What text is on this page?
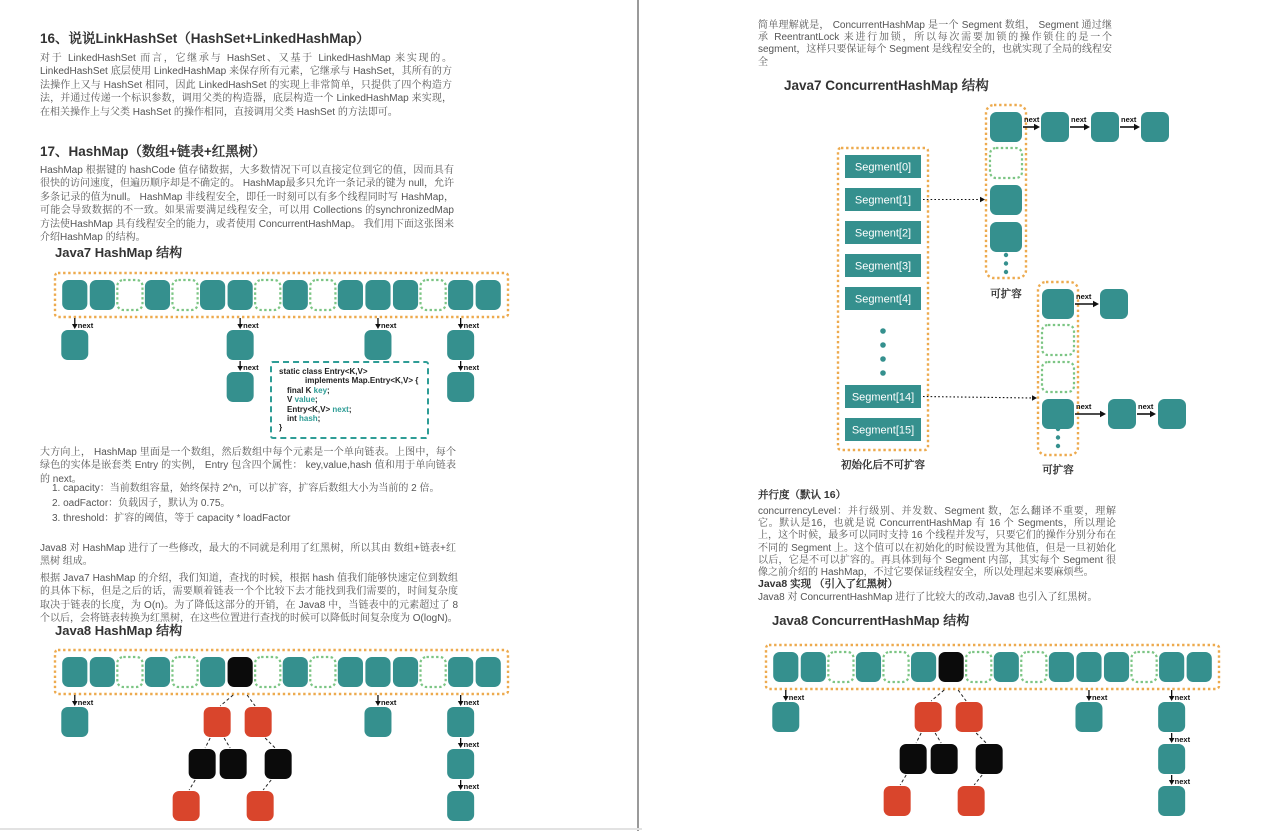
16、说说LinkHashSet（HashSet+LinkedHashMap）

对于 LinkedHashSet 而言，它继承与 HashSet、又基于 LinkedHashMap 来实现的。LinkedHashSet 底层使用 LinkedHashMap 来保存所有元素，它继承与 HashSet，其所有的方法操作上又与 HashSet 相同，因此 LinkedHashSet 的实现上非常简单，只提供了四个构造方法，并通过传递一个标识参数，调用父类的构造器，底层构造一个 LinkedHashMap 来实现，在相关操作上与父类 HashSet 的操作相同，直接调用父类 HashSet 的方法即可。

17、HashMap（数组+链表+红黑树）

HashMap 根据键的 hashCode 值存储数据，大多数情况下可以直接定位到它的值，因而具有很快的访问速度，但遍历顺序却是不确定的。 HashMap最多只允许一条记录的键为 null，允许多条记录的值为null。 HashMap 非线程安全，即任一时刻可以有多个线程同时写 HashMap，可能会导致数据的不一致。如果需要满足线程安全，可以用 Collections 的synchronizedMap 方法使HashMap 具有线程安全的能力，或者使用 ConcurrentHashMap。 我们用下面这张图来介绍HashMap 的结构。

Java7 HashMap 结构
next	next
next
next	next
next
static class Entry<K,V>
implements Map.Entry<K,V> {
final K key;
V value;
Entry<K,V> next;
int hash;
}

大方向上， HashMap 里面是一个数组，然后数组中每个元素是一个单向链表。上图中，每个绿色的实体是嵌套类 Entry 的实例， Entry 包含四个属性： key,value,hash 值和用于单向链表的 next。

1. capacity：当前数组容量，始终保持 2^n，可以扩容，扩容后数组大小为当前的 2 倍。
2. oadFactor：负载因子，默认为 0.75。
3. threshold：扩容的阈值，等于 capacity * loadFactor

Java8 对 HashMap 进行了一些修改，最大的不同就是利用了红黑树，所以其由 数组+链表+红黑树 组成。

根据 Java7 HashMap 的介绍，我们知道，查找的时候，根据 hash 值我们能够快速定位到数组的具体下标，但是之后的话，需要顺着链表一个个比较下去才能找到我们需要的，时间复杂度取决于链表的长度，为 O(n)。为了降低这部分的开销，在 Java8 中，当链表中的元素超过了 8 个以后，会将链表转换为红黑树，在这些位置进行查找的时候可以降低时间复杂度为 O(logN)。

Java8 HashMap 结构
next	next	next
next
next

简单理解就是， ConcurrentHashMap 是一个 Segment 数组， Segment 通过继承 ReentrantLock 来进行加锁，所以每次需要加锁的操作锁住的是一个 segment，这样只要保证每个 Segment 是线程安全的，也就实现了全局的线程安全

Java7 ConcurrentHashMap 结构
Segment[0]
Segment[1]
Segment[2]
Segment[3]
Segment[4]
Segment[14]
Segment[15]
初始化后不可扩容
可扩容
next	next	next
可扩容
next
next	next
并行度（默认 16）

concurrencyLevel：并行级别、并发数、Segment 数，怎么翻译不重要，理解它。默认是16，也就是说 ConcurrentHashMap 有 16 个 Segments，所以理论上，这个时候，最多可以同时支持 16 个线程并发写，只要它们的操作分别分布在不同的 Segment 上。这个值可以在初始化的时候设置为其他值，但是一旦初始化以后，它是不可以扩容的。再具体到每个 Segment 内部，其实每个 Segment 很像之前介绍的 HashMap，不过它要保证线程安全，所以处理起来要麻烦些。

Java8 实现 （引入了红黑树）

Java8 对 ConcurrentHashMap 进行了比较大的改动,Java8 也引入了红黑树。

Java8 ConcurrentHashMap 结构
next	next	next
next
next
